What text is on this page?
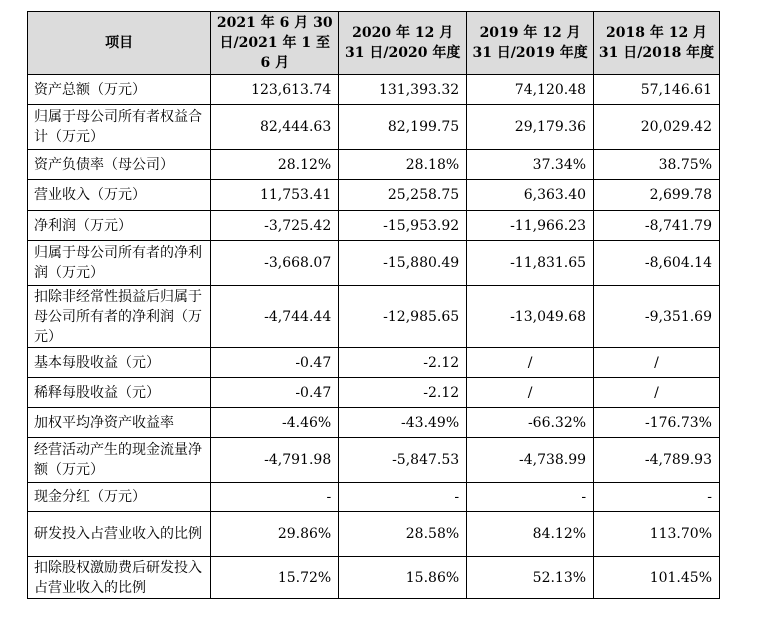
项目	2021 年 6 月 30 日/2021 年 1 至 6 月	2020 年 12 月 31 日/2020 年度	2019 年 12 月 31 日/2019 年度	2018 年 12 月 31 日/2018 年度
资产总额（万元）	123,613.74	131,393.32	74,120.48	57,146.61
归属于母公司所有者权益合计（万元）	82,444.63	82,199.75	29,179.36	20,029.42
资产负债率（母公司）	28.12%	28.18%	37.34%	38.75%
营业收入（万元）	11,753.41	25,258.75	6,363.40	2,699.78
净利润（万元）	-3,725.42	-15,953.92	-11,966.23	-8,741.79
归属于母公司所有者的净利润（万元）	-3,668.07	-15,880.49	-11,831.65	-8,604.14
扣除非经常性损益后归属于母公司所有者的净利润（万元）	-4,744.44	-12,985.65	-13,049.68	-9,351.69
基本每股收益（元）	-0.47	-2.12	/	/
稀释每股收益（元）	-0.47	-2.12	/	/
加权平均净资产收益率	-4.46%	-43.49%	-66.32%	-176.73%
经营活动产生的现金流量净额（万元）	-4,791.98	-5,847.53	-4,738.99	-4,789.93
现金分红（万元）	-	-	-	-
研发投入占营业收入的比例	29.86%	28.58%	84.12%	113.70%
扣除股权激励费后研发投入占营业收入的比例	15.72%	15.86%	52.13%	101.45%
